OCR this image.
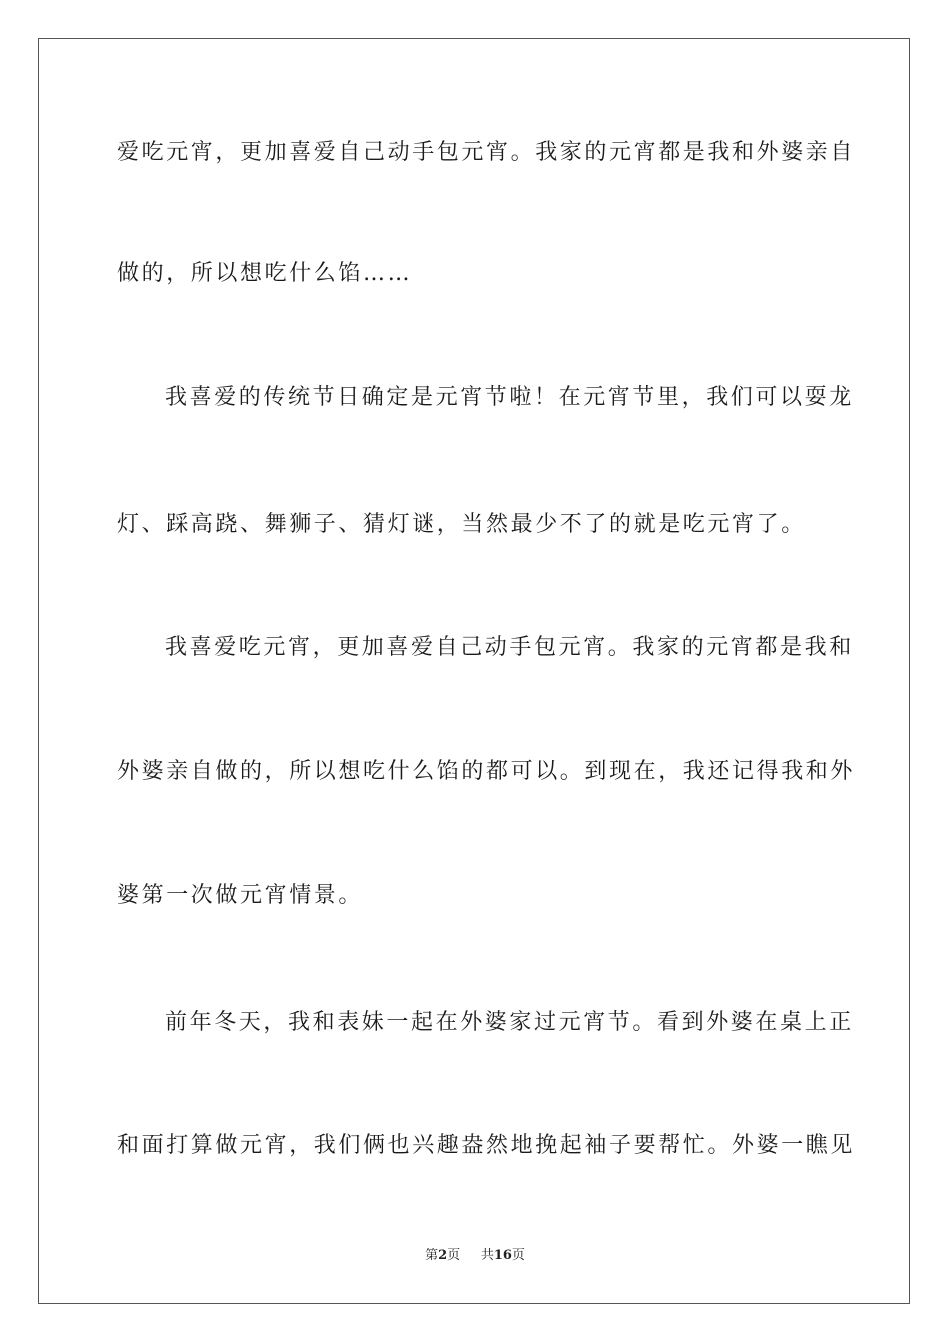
爱吃元宵，更加喜爱自己动手包元宵。我家的元宵都是我和外婆亲自
做的，所以想吃什么馅……
我喜爱的传统节日确定是元宵节啦！在元宵节里，我们可以耍龙
灯、踩高跷、舞狮子、猜灯谜，当然最少不了的就是吃元宵了。
我喜爱吃元宵，更加喜爱自己动手包元宵。我家的元宵都是我和
外婆亲自做的，所以想吃什么馅的都可以。到现在，我还记得我和外
婆第一次做元宵情景。
前年冬天，我和表妹一起在外婆家过元宵节。看到外婆在桌上正
和面打算做元宵，我们俩也兴趣盎然地挽起袖子要帮忙。外婆一瞧见
第2页 共16页
